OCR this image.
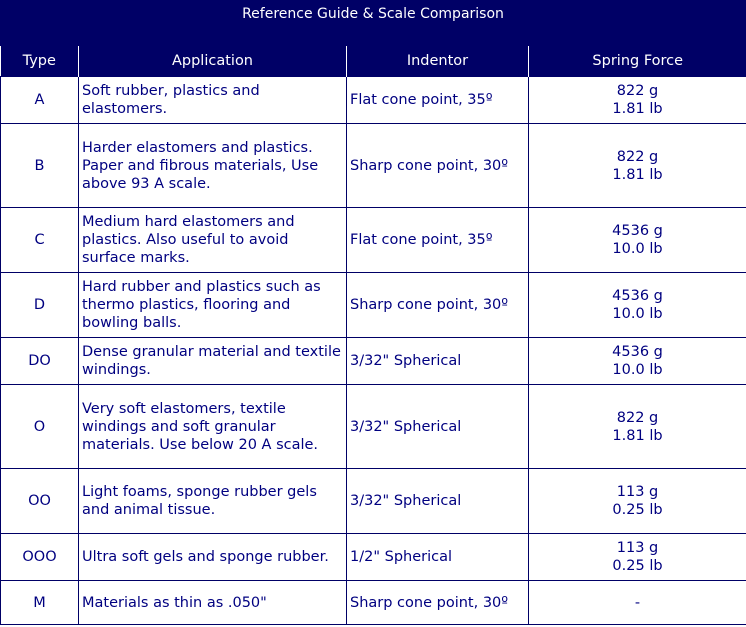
Reference Guide & Scale Comparison
Type	Application	Indentor	Spring Force
A	Soft rubber, plastics and elastomers.	Flat cone point, 35º	822 g
1.81 lb

B	Harder elastomers and plastics. Paper and fibrous materials, Use above 93 A scale.	Sharp cone point, 30º	822 g
1.81 lb

C	Medium hard elastomers and plastics. Also useful to avoid surface marks.	Flat cone point, 35º	4536 g
10.0 lb

D	Hard rubber and plastics such as thermo plastics, flooring and bowling balls.	Sharp cone point, 30º	4536 g
10.0 lb

DO	Dense granular material and textile windings.	3/32" Spherical	4536 g
10.0 lb

O	Very soft elastomers, textile windings and soft granular materials. Use below 20 A scale.	3/32" Spherical	822 g
1.81 lb

OO	Light foams, sponge rubber gels and animal tissue.	3/32" Spherical	113 g
0.25 lb

OOO	Ultra soft gels and sponge rubber.	1/2" Spherical	113 g
0.25 lb

M	Materials as thin as .050"	Sharp cone point, 30º	-
